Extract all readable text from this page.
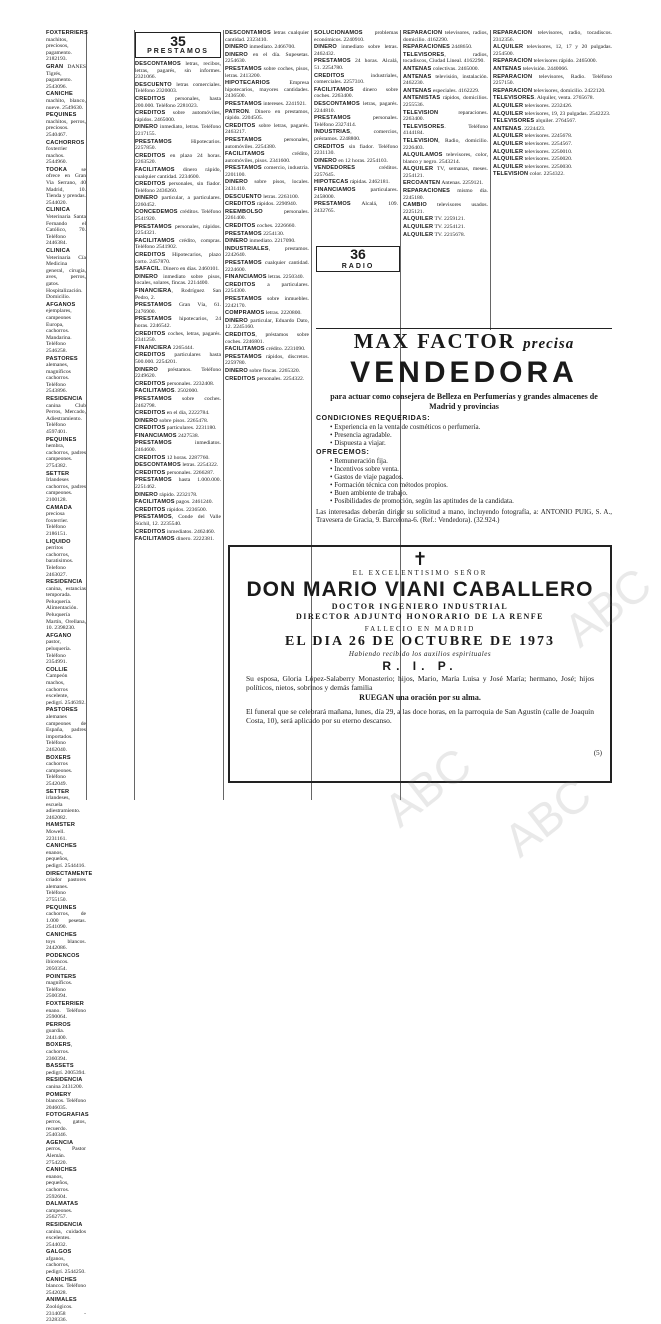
FOXTERRIERS machitos, preciosos, pagamento. 2182193.
GRAN DANES Tigrés, pagamento. 2543096.
CANICHE machito, blanco, nueve. 2549630.
PEQUINES machitos, perros, preciosos. 2540467.
CACHORROS foxterrier machos. 2544960.
TOOKA se ofrece en Gran Via Serrano, 40 Madrid, 10. Tienda y prendas. 2544020.
CLINICA Veterinaria Santa Fernando el Católico, 70. Teléfono 2446384.
CLINICA Veterinaria Cía Medicina general, cirugía, aves, perros, gatos. Hospitalización. Domicilio.
AFGANOS ejemplares, campeones Europa, cachorros. Mandarina. Teléfono 2546258.
PASTORES alemanes, magníficos cachorros. Teléfono 2543896.
RESIDENCIA canina Club Perros, Mercado, Adiestramiento. Teléfono 4597401.
PEQUINES hembra, cachorros, padres campeones. 2754382.
SETTER Irlandeses cachorros, padres campeones. 2100128.
CAMADA preciosa foxterrier. Teléfono 2186151.
LIQUIDO perritos cachorros, baratisimos. Telefono 2463027.
RESIDENCIA canina, estancias temporada. Peluquería. Alimentación. Peluquería Martín, Orellana, 10. 2398230.
AFGANO pastor, peluquería. Teléfono 2354991.
COLLIE Campeón machos, cachorros excelente, pedigrí. 2546392.
PASTORES alemanes campeones de España, padres importados. Teléfono 2462040.
BOXERS cachorros campeones. Teléfono 2542049.
SETTER irlandeses, escuela adiestramiento. 2462082.
HAMSTER Mowell. 2231161.
CANICHES enanos, pequeños, pedigrí. 2544416.
DIRECTAMENTE criador pastores alemanes. Teléfono 2755150.
PEQUINES cachorros, de 1.000 pesetas. 2541090.
CANICHES toys blancos. 2442086.
PODENCOS ibicencos. 2050354.
POINTERS magníficos. Teléfono 2500394.
FOXTERRIER enano. Teléfono 2590064.
PERROS guardia. 2441400.
BOXERS, cachorros. 2360394.
BASSETS pedigrí. 2005394.
RESIDENCIA canina 2431200.
POMERY blancos. Teléfono 2046035.
FOTOGRAFIAS perros, gatos, recuerdo. 2540346.
AGENCIA perros, Pastor Alemán. 2754220.
CANICHES enanos, pequeños, cachorros. 2592604.
DALMATAS campeones. 2562757.
RESIDENCIA canina, cuidados excelentes. 2544032.
GALGOS afganos, cachorros, pedigrí. 2544250.
CANICHES blancos. Teléfono 2542028.
ANIMALES Zoológicos. 2314058 - 2328336.
35
PRESTAMOS
DESCONTAMOS letras, recibos, letras, pagarés, sin informes. 2321066.
DESCUENTO letras comerciales. Teléfono 2320003.
CREDITOS personales, hasta 200.000. Teléfono 2281023.
CREDITOS sobre automóviles, rápidos. 2465000.
DINERO inmediato, letras. Teléfono 2217155.
PRESTAMOS Hipotecarios. 2257850.
CREDITOS en plazo 24 horas. 2263520.
FACILITAMOS dinero rápido, cualquier cantidad. 2234600.
CREDITOS personales, sin fiador. Teléfono 2436260.
DINERO particular, a particulares. 2260452.
CONCEDEMOS créditos. Teléfono 2541920.
PRESTAMOS personales, rápidos. 2254321.
FACILITAMOS crédito, compras. Teléfono 2541902.
CREDITOS Hipotecarios, plazo corto. 2457870.
SAFACIL. Dinero en días. 2460101.
DINERO inmediato sobre pisos, locales, solares, fincas. 2214400.
FINANCIERA, Rodríguez San Pedro, 2.
PRESTAMOS Gran Vía, 61. 2476900.
PRESTAMOS hipotecarios, 24 horas. 2246542.
CREDITOS coches, letras, pagarés. 2341250.
FINANCIERA 2265444.
CREDITOS particulares hasta 500.000. 2254201.
DINERO préstamos. Teléfono 2249620.
CREDITOS personales. 2232408.
FACILITAMOS. 2502000.
PRESTAMOS sobre coches. 2462798.
CREDITOS en el día, 2222784.
DINERO sobre pisos. 2265478.
CREDITOS particulares. 2231180.
FINANCIAMOS 2427538.
PRESTAMOS inmediatos. 2464600.
CREDITOS 12 horas. 2287760.
DESCONTAMOS letras. 2254322.
CREDITOS personales. 2266287.
PRESTAMOS hasta 1.000.000. 2251462.
DINERO rápido. 2232178.
FACILITAMOS pagos. 2461240.
CREDITOS rápidos. 2236500.
PRESTAMOS, Conde del Valle Súchil, 12. 2235540.
CREDITOS inmediatos. 2462460.
FACILITAMOS dinero. 2222381.
DESCONTAMOS letras cualquier cantidad. 2323410.
DINERO inmediato. 2466700.
DINERO en el día. Supesetas. 2254630.
PRESTAMOS sobre coches, pisos, letras. 2413200.
HIPOTECARIOS Empresa hipotecarios, mayores cantidades. 2436500.
PRESTAMOS intereses. 2241921.
PATRON. Dinero en prestamos, rápido. 2204505.
CREDITOS sobre letras, pagarés. 2463217.
PRESTAMOS personales, automóviles. 2254380.
FACILITAMOS crédito, automóviles, pisos. 2341600.
PRESTAMOS comercio, industria. 2201100.
DINERO sobre pisos, locales. 2431410.
DESCUENTO letras. 2263100.
CREDITOS rápidos. 2290940.
REEMBOLSO personales. 2261400.
CREDITOS coches. 2226660.
PRESTAMOS 2254130.
DINERO inmediato. 2217090.
INDUSTRIALES, prestamos. 2242640.
PRESTAMOS cualquier cantidad. 2224600.
FINANCIAMOS letras. 2250340.
CREDITOS a particulares. 2254300.
PRESTAMOS sobre inmuebles. 2242170.
COMPRAMOS letras. 2220800.
DINERO particular, Eduardo Dato, 12. 2245160.
CREDITOS, préstamos sobre coches. 2246801.
FACILITAMOS crédito. 2231090.
PRESTAMOS rápidos, discretos. 2259780.
DINERO sobre fincas. 2265320.
CREDITOS personales. 2254322.
SOLUCIONAMOS problemas económicos. 2240910.
DINERO inmediato sobre letras. 2462432.
PRESTAMOS 24 horas. Alcalá, 51. 2254780.
CREDITOS industriales, comerciales. 2257310.
FACILITAMOS dinero sobre coches. 2263400.
DESCONTAMOS letras, pagarés. 2244810.
PRESTAMOS personales. Teléfono 2327414.
INDUSTRIAS, comercios, préstamos. 2248800.
CREDITOS sin fiador. Teléfono 2231130.
DINERO en 12 horas. 2254103.
VENDEDORES créditos. 2257645.
HIPOTECAS rápidas. 2462181.
FINANCIAMOS particulares. 2458000.
PRESTAMOS Alcalá, 109. 2432765.
36
RADIO
REPARACION televisores, radios, domicilio. 4162290.
REPARACIONES 2448650.
TELEVISORES, radios, tocadiscos, Ciudad Lineal. 4162290.
ANTENAS colectivas. 2465000.
ANTENAS televisión, instalación. 2462230.
ANTENAS especiales. 4162229.
ANTENISTAS rápidos, domicilios. 2255536.
TELEVISION reparaciones. 2263400.
TELEVISORES. Teléfono 4144184.
TELEVISION, Radio, domicilio. 2226403.
ALQUILAMOS televisores, color, blanco y negro. 2543214.
ALQUILER TV, semanas, meses. 2254121.
ERCOANTEN Antenas. 2259121.
REPARACIONES mismo día. 2245180.
CAMBIO televisores usados. 2225121.
ALQUILER TV. 2259121.
ALQUILER TV. 2254121.
ALQUILER TV. 2215678.
REPARACION televisores, radio, tocadiscos. 2312356.
ALQUILER televisores, 12, 17 y 20 pulgadas. 2254500.
REPARACION televisores rápido. 2465000.
ANTENAS televisión. 2440066.
REPARACION televisores, Radio. Teléfono 2257150.
REPARACION televisores, domicilio. 2422120.
TELEVISORES. Alquiler, venta. 2765678.
ALQUILER televisores. 2232426.
ALQUILER televisores, 19, 23 pulgadas. 2542223.
TELEVISORES alquiler. 2764567.
ANTENAS. 2224423.
ALQUILER televisores. 2245678.
ALQUILER televisores. 2254567.
ALQUILER televisores. 2250010.
ALQUILER televisores. 2250020.
ALQUILER televisores. 2250030.
TELEVISION color. 2254322.
MAX FACTOR precisa
VENDEDORA
para actuar como consejera de Belleza en Perfumerías y grandes almacenes de Madrid y provincias
CONDICIONES REQUERIDAS:
• Experiencia en la venta de cosméticos o perfumería.
• Presencia agradable.
• Dispuesta a viajar.
OFRECEMOS:
• Remuneración fija.
• Incentivos sobre venta.
• Gastos de viaje pagados.
• Formación técnica con métodos propios.
• Buen ambiente de trabajo.
• Posibilidades de promoción, según las aptitudes de la candidata.
Las interesadas deberán dirigir su solicitud a mano, incluyendo fotografía, a: ANTONIO PUIG, S. A., Travesera de Gracia, 9. Barcelona-6. (Ref.: Vendedora). (32.924.)
✝
EL EXCELENTISIMO SEÑOR
DON MARIO VIANI CABALLERO
DOCTOR INGENIERO INDUSTRIAL
DIRECTOR ADJUNTO HONORARIO DE LA RENFE
FALLECIO EN MADRID
EL DIA 26 DE OCTUBRE DE 1973
Habiendo recibido los auxilios espirituales
R. I. P.
Su esposa, Gloria López-Salaberry Monasterio; hijos, Mario, María Luisa y José María; hermano, José; hijos políticos, nietos, sobrinos y demás familia
RUEGAN una oración por su alma.
El funeral que se celebrará mañana, lunes, día 29, a las doce horas, en la parroquia de San Agustín (calle de Joaquín Costa, 10), será aplicado por su eterno descanso.
(5)
ABC ABC
ABC
